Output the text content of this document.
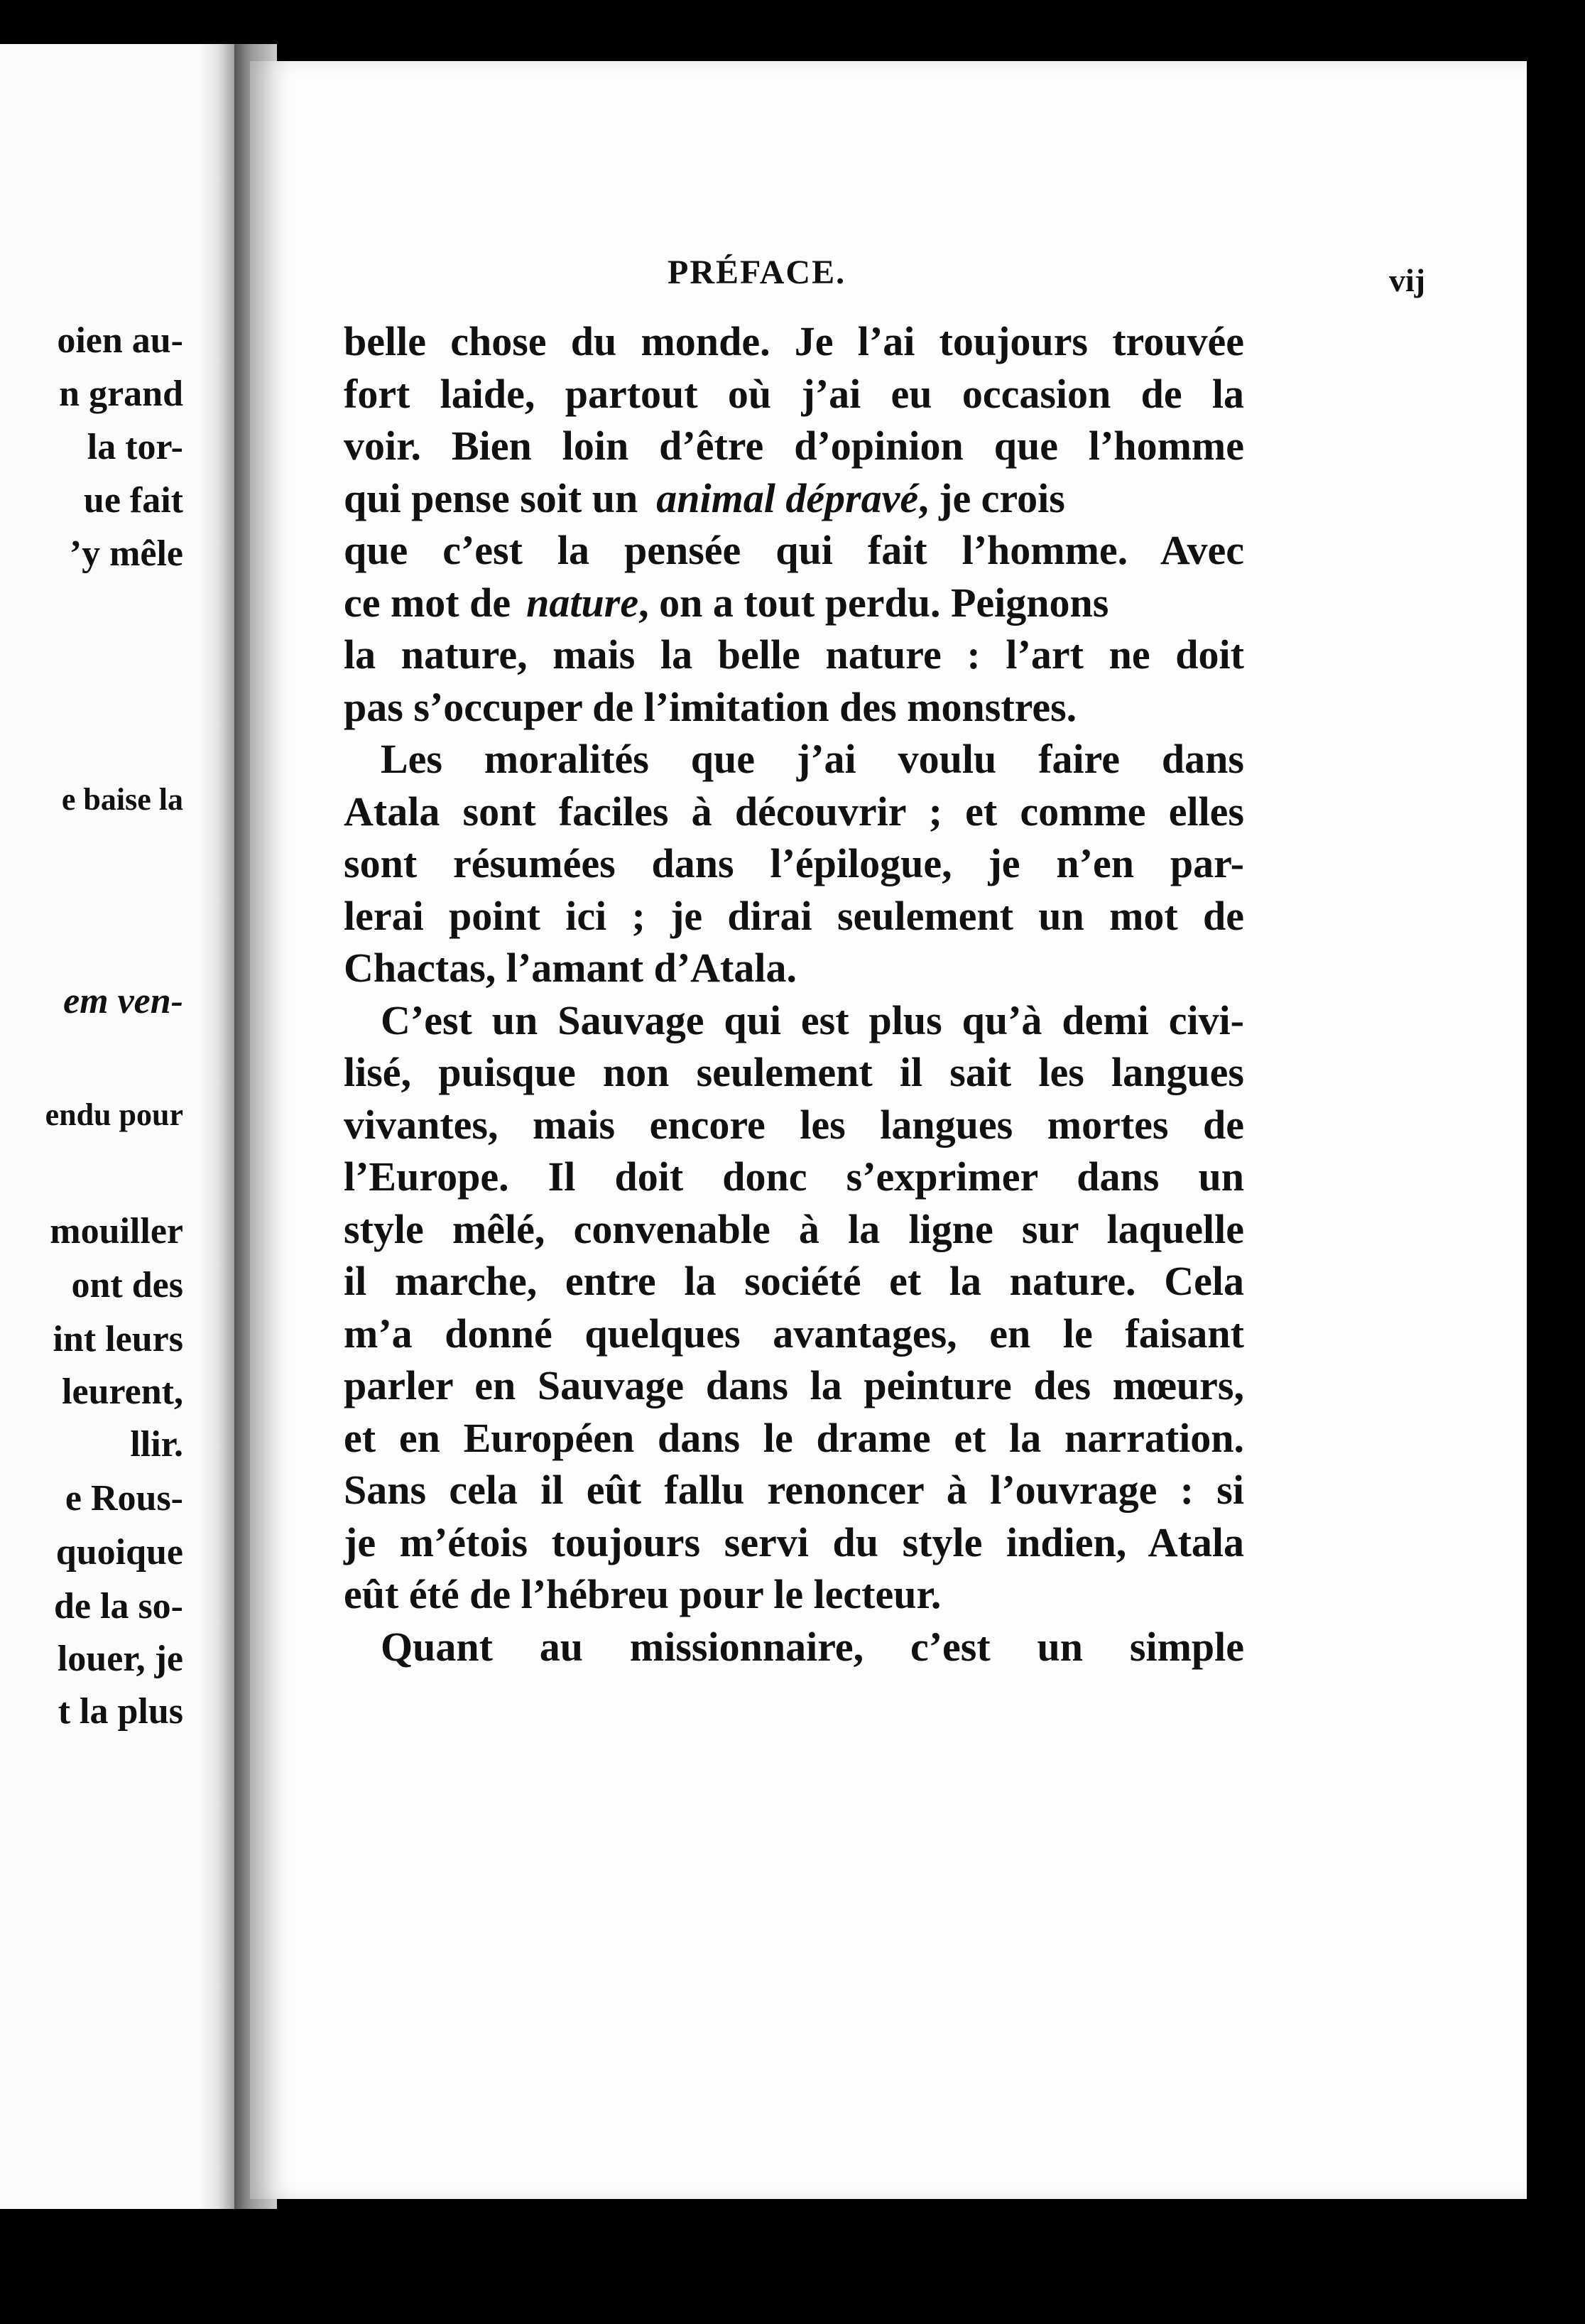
oien au-
n grand
la tor-
ue fait
’y mêle
e baise la
em ven-
endu pour
mouiller
ont des
int leurs
leurent,
llir.
e Rous-
quoique
de la so-
louer, je
t la plus
PRÉFACE.	vij
belle chose du monde. Je l’ai toujours trouvée
fort laide, partout où j’ai eu occasion de la
voir. Bien loin d’être d’opinion que l’homme
qui pense soit un animal dépravé , je crois
que c’est la pensée qui fait l’homme. Avec
ce mot de nature , on a tout perdu. Peignons
la nature, mais la belle nature : l’art ne doit
pas s’occuper de l’imitation des monstres.
Les moralités que j’ai voulu faire dans
Atala sont faciles à découvrir ; et comme elles
sont résumées dans l’épilogue, je n’en par-
lerai point ici ; je dirai seulement un mot de
Chactas, l’amant d’Atala.
C’est un Sauvage qui est plus qu’à demi civi-
lisé, puisque non seulement il sait les langues
vivantes, mais encore les langues mortes de
l’Europe. Il doit donc s’exprimer dans un
style mêlé, convenable à la ligne sur laquelle
il marche, entre la société et la nature. Cela
m’a donné quelques avantages, en le faisant
parler en Sauvage dans la peinture des mœurs,
et en Européen dans le drame et la narration.
Sans cela il eût fallu renoncer à l’ouvrage : si
je m’étois toujours servi du style indien, Atala
eût été de l’hébreu pour le lecteur.
Quant au missionnaire, c’est un simple
